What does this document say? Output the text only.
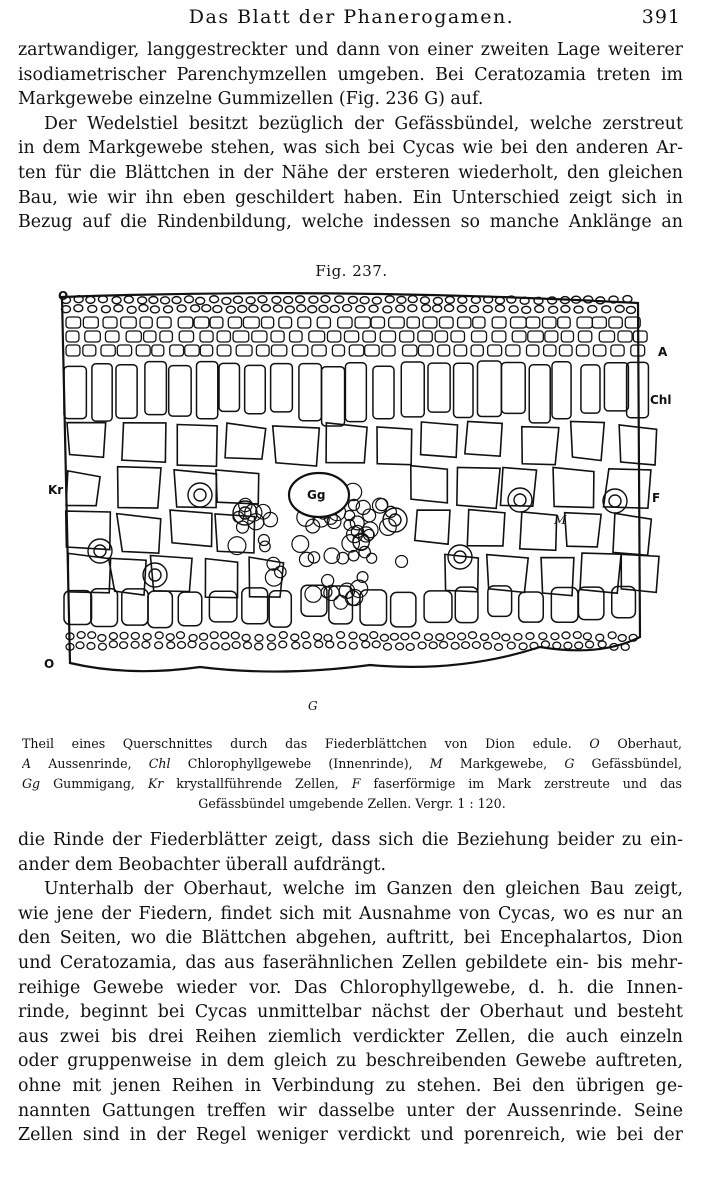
Das Blatt der Phanerogamen.	391

zartwandiger, langgestreckter und dann von einer zweiten Lage weiterer
isodiametrischer Parenchymzellen umgeben. Bei Ceratozamia treten im
Markgewebe einzelne Gummizellen (Fig. 236 G) auf.

Der Wedelstiel besitzt bezüglich der Gefässbündel, welche zerstreut
in dem Markgewebe stehen, was sich bei Cycas wie bei den anderen Ar-
ten für die Blättchen in der Nähe der ersteren wiederholt, den gleichen
Bau, wie wir ihn eben geschildert haben. Ein Unterschied zeigt sich in
Bezug auf die Rindenbildung, welche indessen so manche Anklänge an

Fig. 237.
O
A
Chl
Kr	Gg
M
F
O
G
Theil eines Querschnittes durch das Fiederblättchen von Dion edule. O Oberhaut,
A Aussenrinde, Chl Chlorophyllgewebe (Innenrinde), M Markgewebe, G Gefässbündel,
Gg Gummigang, Kr krystallführende Zellen, F faserförmige im Mark zerstreute und das
Gefässbündel umgebende Zellen. Vergr. 1 : 120.

die Rinde der Fiederblätter zeigt, dass sich die Beziehung beider zu ein-
ander dem Beobachter überall aufdrängt.

Unterhalb der Oberhaut, welche im Ganzen den gleichen Bau zeigt,
wie jene der Fiedern, findet sich mit Ausnahme von Cycas, wo es nur an
den Seiten, wo die Blättchen abgehen, auftritt, bei Encephalartos, Dion
und Ceratozamia, das aus faserähnlichen Zellen gebildete ein- bis mehr-
reihige Gewebe wieder vor. Das Chlorophyllgewebe, d. h. die Innen-
rinde, beginnt bei Cycas unmittelbar nächst der Oberhaut und besteht
aus zwei bis drei Reihen ziemlich verdickter Zellen, die auch einzeln
oder gruppenweise in dem gleich zu beschreibenden Gewebe auftreten,
ohne mit jenen Reihen in Verbindung zu stehen. Bei den übrigen ge-
nannten Gattungen treffen wir dasselbe unter der Aussenrinde. Seine
Zellen sind in der Regel weniger verdickt und porenreich, wie bei der
